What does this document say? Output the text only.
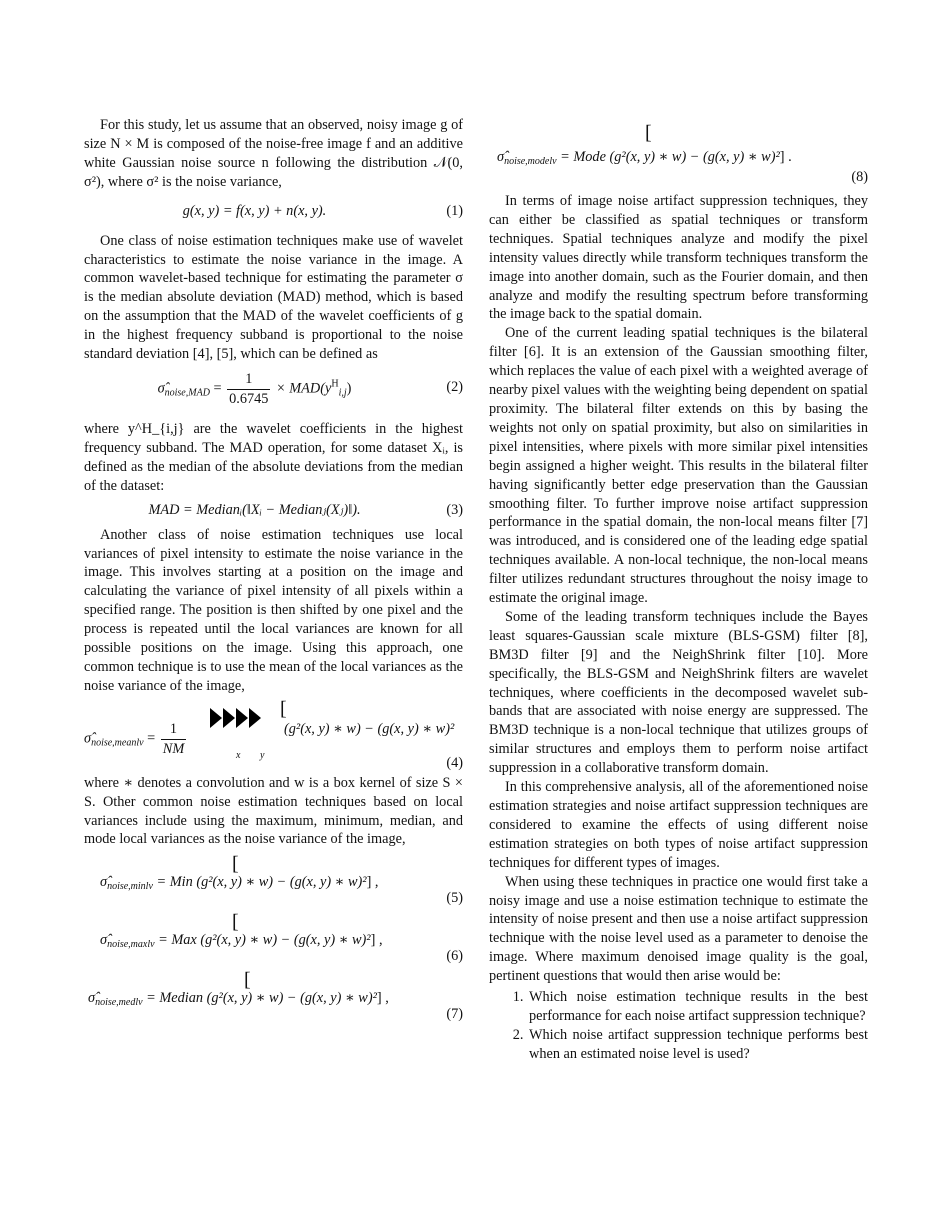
For this study, let us assume that an observed, noisy image g of size N × M is composed of the noise-free image f and an additive white Gaussian noise source n following the distribution 𝒩(0, σ²), where σ² is the noise variance,

g(x, y) = f(x, y) + n(x, y).	(1)

One class of noise estimation techniques make use of wavelet characteristics to estimate the noise variance in the image. A common wavelet-based technique for estimating the parameter σ is the median absolute deviation (MAD) method, which is based on the assumption that the MAD of the wavelet coefficients of g in the highest frequency subband is proportional to the noise standard deviation [4], [5], which can be defined as

$\sigmâ_{noise,MAD} = \frac{1}{0.6745} \times MAD(y^H_{i,j})$	(2)

where y^H_{i,j} are the wavelet coefficients in the highest frequency subband. The MAD operation, for some dataset Xᵢ, is defined as the median of the absolute deviations from the median of the dataset:

MAD = Medianᵢ(‖Xᵢ − Medianⱼ(Xⱼ)‖).	(3)

Another class of noise estimation techniques use local variances of pixel intensity to estimate the noise variance in the image. This involves starting at a position on the image and calculating the variance of pixel intensity of all pixels within a specified range. The position is then shifted by one pixel and the process is repeated until the local variances are known for all possible positions on the image. Using this approach, one common technique is to use the mean of the local variances as the noise variance of the image,

$\sigmâ_{noise,meanlv} = \frac{1}{NM}$	x y
[
(g²(x, y) ∗ w) − (g(x, y) ∗ w)²
(4)

where ∗ denotes a convolution and w is a box kernel of size S × S. Other common noise estimation techniques based on local variances include using the maximum, minimum, median, and mode local variances as the noise variance of the image,

[
$\sigmâ_{noise,minlv}$ = Min (g²(x, y) ∗ w) − (g(x, y) ∗ w)²] ,
(5)
[
$\sigmâ_{noise,maxlv}$ = Max (g²(x, y) ∗ w) − (g(x, y) ∗ w)²] ,
(6)
[
$\sigmâ_{noise,medlv}$ = Median (g²(x, y) ∗ w) − (g(x, y) ∗ w)²] ,
(7)
[
$\sigmâ_{noise,modelv}$ = Mode (g²(x, y) ∗ w) − (g(x, y) ∗ w)²] .
(8)

In terms of image noise artifact suppression techniques, they can either be classified as spatial techniques or transform techniques. Spatial techniques analyze and modify the pixel intensity values directly while transform techniques transform the image into another domain, such as the Fourier domain, and then analyze and modify the resulting spectrum before transforming the image back to the spatial domain.

One of the current leading spatial techniques is the bilateral filter [6]. It is an extension of the Gaussian smoothing filter, which replaces the value of each pixel with a weighted average of nearby pixel values with the weighting being dependent on spatial proximity. The bilateral filter extends on this by basing the weights not only on spatial proximity, but also on similarities in pixel intensities, where pixels with more similar pixel intensities begin assigned a higher weight. This results in the bilateral filter having significantly better edge preservation than the Gaussian smoothing filter. To further improve noise artifact suppression performance in the spatial domain, the non-local means filter [7] was introduced, and is considered one of the leading edge spatial techniques available. A non-local technique, the non-local means filter utilizes redundant structures throughout the noisy image to estimate the original image.

Some of the leading transform techniques include the Bayes least squares-Gaussian scale mixture (BLS-GSM) filter [8], BM3D filter [9] and the NeighShrink filter [10]. More specifically, the BLS-GSM and NeighShrink filters are wavelet techniques, where coefficients in the decomposed wavelet sub-bands that are associated with noise energy are suppressed. The BM3D technique is a non-local technique that utilizes groups of similar structures and employs them to perform noise artifact suppression in a collaborative transform domain.

In this comprehensive analysis, all of the aforementioned noise estimation strategies and noise artifact suppression techniques are considered to examine the effects of using different noise estimation strategies on both types of noise artifact suppression techniques for different types of images.

When using these techniques in practice one would first take a noisy image and use a noise estimation technique to estimate the intensity of noise present and then use a noise artifact suppression technique with the noise level used as a parameter to denoise the image. Where maximum denoised image quality is the goal, pertinent questions that would then arise would be:

1. Which noise estimation technique results in the best performance for each noise artifact suppression technique?
2. Which noise artifact suppression technique performs best when an estimated noise level is used?
